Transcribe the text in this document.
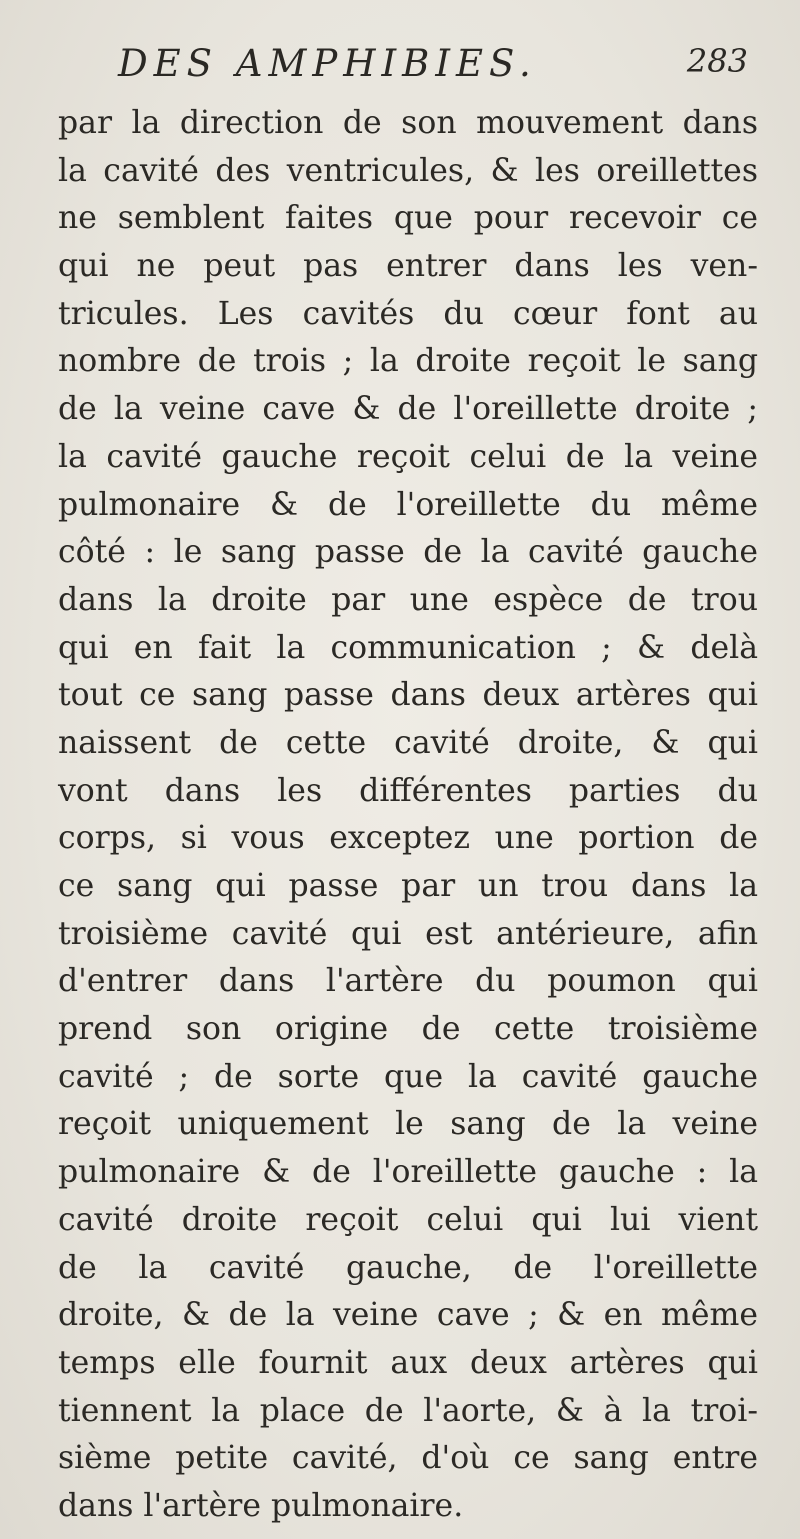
DES AMPHIBIES.	283
par la direction de son mouvement dans
la cavité des ventricules, & les oreillettes
ne semblent faites que pour recevoir ce
qui ne peut pas entrer dans les ven-
tricules. Les cavités du cœur font au
nombre de trois ; la droite reçoit le sang
de la veine cave & de l'oreillette droite ;
la cavité gauche reçoit celui de la veine
pulmonaire & de l'oreillette du même
côté : le sang passe de la cavité gauche
dans la droite par une espèce de trou
qui en fait la communication ; & delà
tout ce sang passe dans deux artères qui
naissent de cette cavité droite, & qui
vont dans les différentes parties du
corps, si vous exceptez une portion de
ce sang qui passe par un trou dans la
troisième cavité qui est antérieure, afin
d'entrer dans l'artère du poumon qui
prend son origine de cette troisième
cavité ; de sorte que la cavité gauche
reçoit uniquement le sang de la veine
pulmonaire & de l'oreillette gauche : la
cavité droite reçoit celui qui lui vient
de la cavité gauche, de l'oreillette
droite, & de la veine cave ; & en même
temps elle fournit aux deux artères qui
tiennent la place de l'aorte, & à la troi-
sième petite cavité, d'où ce sang entre
dans l'artère pulmonaire.
